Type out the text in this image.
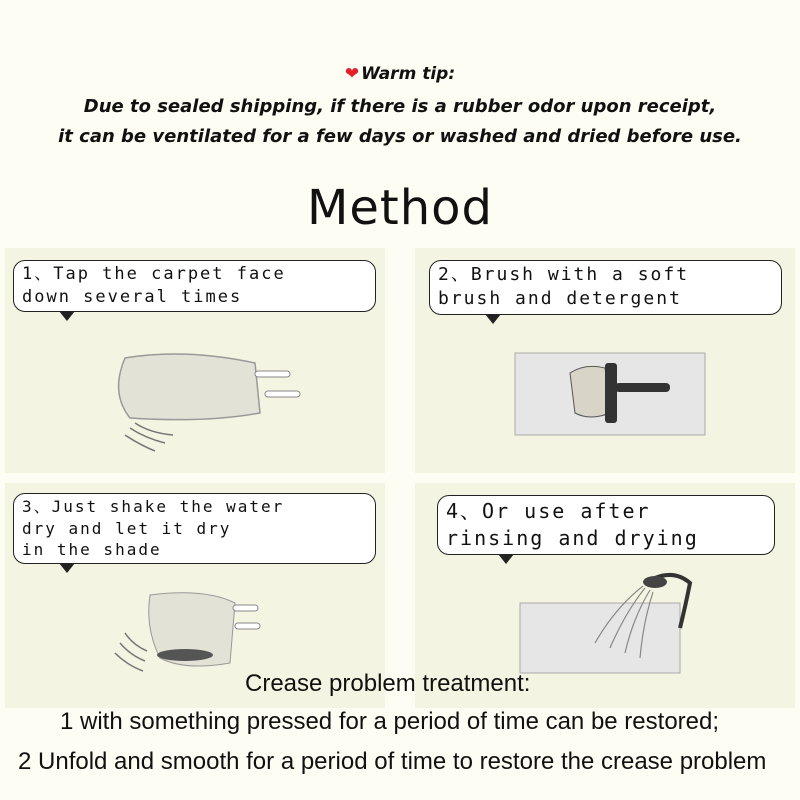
❤ Warm tip:
Due to sealed shipping, if there is a rubber odor upon receipt,
it can be ventilated for a few days or washed and dried before use.
Method
1、Tap the carpet face
down several times
2、Brush with a soft
brush and detergent
3、Just shake the water
dry and let it dry
in the shade
4、Or use after
rinsing and drying
Crease problem treatment:
1 with something pressed for a period of time can be restored;
2 Unfold and smooth for a period of time to restore the crease problem
